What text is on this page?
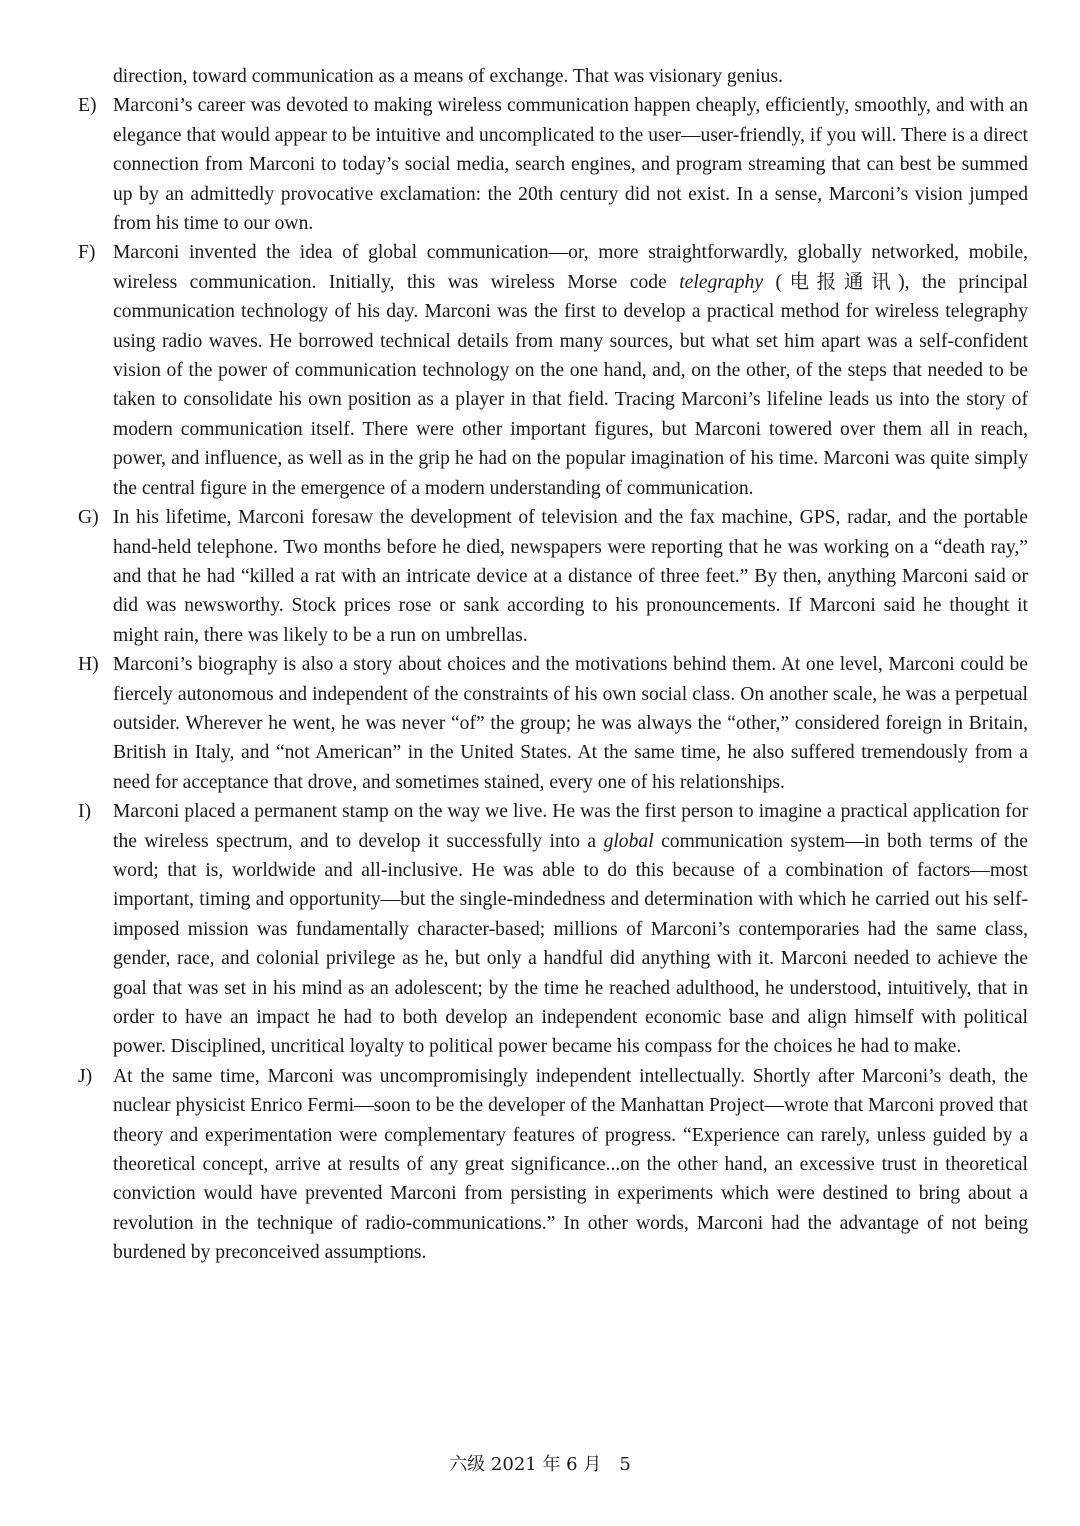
direction, toward communication as a means of exchange. That was visionary genius.
E) Marconi’s career was devoted to making wireless communication happen cheaply, efficiently, smoothly, and with an elegance that would appear to be intuitive and uncomplicated to the user—user-friendly, if you will. There is a direct connection from Marconi to today’s social media, search engines, and program streaming that can best be summed up by an admittedly provocative exclamation: the 20th century did not exist. In a sense, Marconi’s vision jumped from his time to our own.
F) Marconi invented the idea of global communication—or, more straightforwardly, globally networked, mobile, wireless communication. Initially, this was wireless Morse code telegraphy (电报通讯), the principal communication technology of his day. Marconi was the first to develop a practical method for wireless telegraphy using radio waves. He borrowed technical details from many sources, but what set him apart was a self-confident vision of the power of communication technology on the one hand, and, on the other, of the steps that needed to be taken to consolidate his own position as a player in that field. Tracing Marconi’s lifeline leads us into the story of modern communication itself. There were other important figures, but Marconi towered over them all in reach, power, and influence, as well as in the grip he had on the popular imagination of his time. Marconi was quite simply the central figure in the emergence of a modern understanding of communication.
G) In his lifetime, Marconi foresaw the development of television and the fax machine, GPS, radar, and the portable hand-held telephone. Two months before he died, newspapers were reporting that he was working on a “death ray,” and that he had “killed a rat with an intricate device at a distance of three feet.” By then, anything Marconi said or did was newsworthy. Stock prices rose or sank according to his pronouncements. If Marconi said he thought it might rain, there was likely to be a run on umbrellas.
H) Marconi’s biography is also a story about choices and the motivations behind them. At one level, Marconi could be fiercely autonomous and independent of the constraints of his own social class. On another scale, he was a perpetual outsider. Wherever he went, he was never “of” the group; he was always the “other,” considered foreign in Britain, British in Italy, and “not American” in the United States. At the same time, he also suffered tremendously from a need for acceptance that drove, and sometimes stained, every one of his relationships.
I) Marconi placed a permanent stamp on the way we live. He was the first person to imagine a practical application for the wireless spectrum, and to develop it successfully into a global communication system—in both terms of the word; that is, worldwide and all-inclusive. He was able to do this because of a combination of factors—most important, timing and opportunity—but the single-mindedness and determination with which he carried out his self-imposed mission was fundamentally character-based; millions of Marconi’s contemporaries had the same class, gender, race, and colonial privilege as he, but only a handful did anything with it. Marconi needed to achieve the goal that was set in his mind as an adolescent; by the time he reached adulthood, he understood, intuitively, that in order to have an impact he had to both develop an independent economic base and align himself with political power. Disciplined, uncritical loyalty to political power became his compass for the choices he had to make.
J) At the same time, Marconi was uncompromisingly independent intellectually. Shortly after Marconi’s death, the nuclear physicist Enrico Fermi—soon to be the developer of the Manhattan Project—wrote that Marconi proved that theory and experimentation were complementary features of progress. “Experience can rarely, unless guided by a theoretical concept, arrive at results of any great significance...on the other hand, an excessive trust in theoretical conviction would have prevented Marconi from persisting in experiments which were destined to bring about a revolution in the technique of radio-communications.” In other words, Marconi had the advantage of not being burdened by preconceived assumptions.
六级 2021 年 6 月　5
